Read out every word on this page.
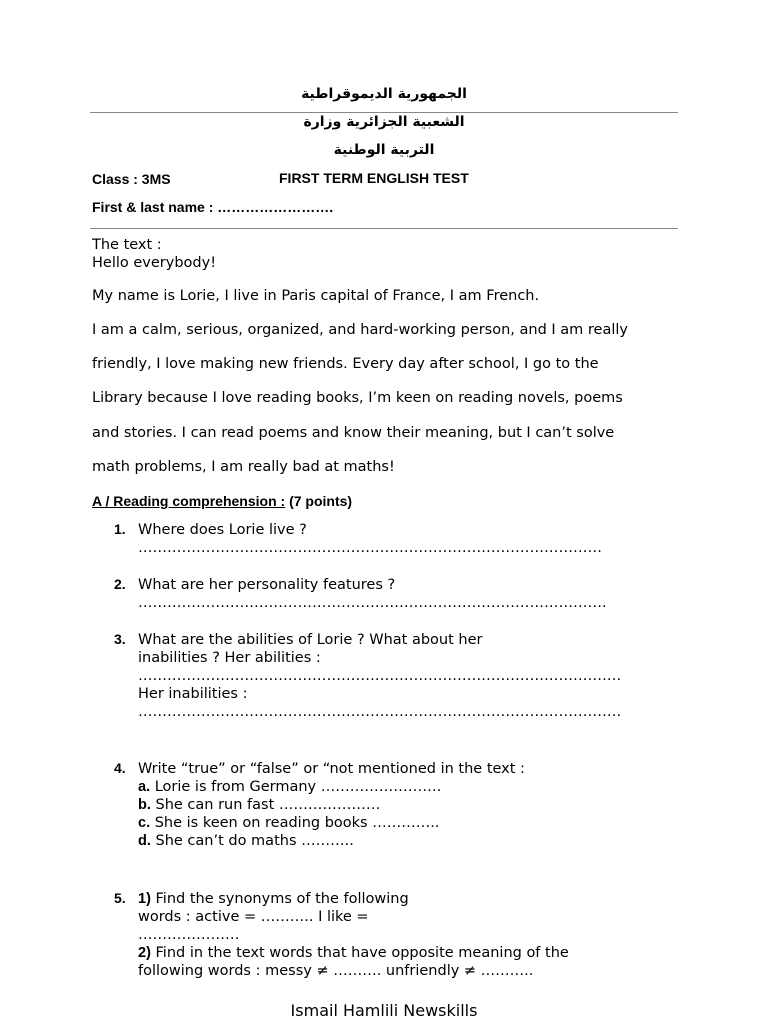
الجمهورية الديموقراطية
الشعبية الجزائرية وزارة
التربية الوطنية
Class : 3MS	FIRST TERM ENGLISH TEST
First & last name : …………………….
The text :
Hello everybody!
My name is Lorie, I live in Paris capital of France, I am French.
I am a calm, serious, organized, and hard-working person, and I am really
friendly, I love making new friends. Every day after school, I go to the
Library because I love reading books, I’m keen on reading novels, poems
and stories. I can read poems and know their meaning, but I can’t solve
math problems, I am really bad at maths!
A / Reading comprehension : (7 points)
1. Where does Lorie live ?
……………………………………………………………………………………
2. What are her personality features ?
…………………………………………………………………………………….
3. What are the abilities of Lorie ? What about her
inabilities ? Her abilities :
……………………………………………………………………………………….
Her inabilities :
……………………………………………………………………………………….
4. Write “true” or “false” or “not mentioned in the text :
a. Lorie is from Germany …………………….
b. She can run fast …………………
c. She is keen on reading books …………..
d. She can’t do maths ………..
5. 1) Find the synonyms of the following
words : active = ……….. I like =
…………………
2) Find in the text words that have opposite meaning of the
following words : messy ≠ ………. unfriendly ≠ ………..
Ismail Hamlili Newskills
